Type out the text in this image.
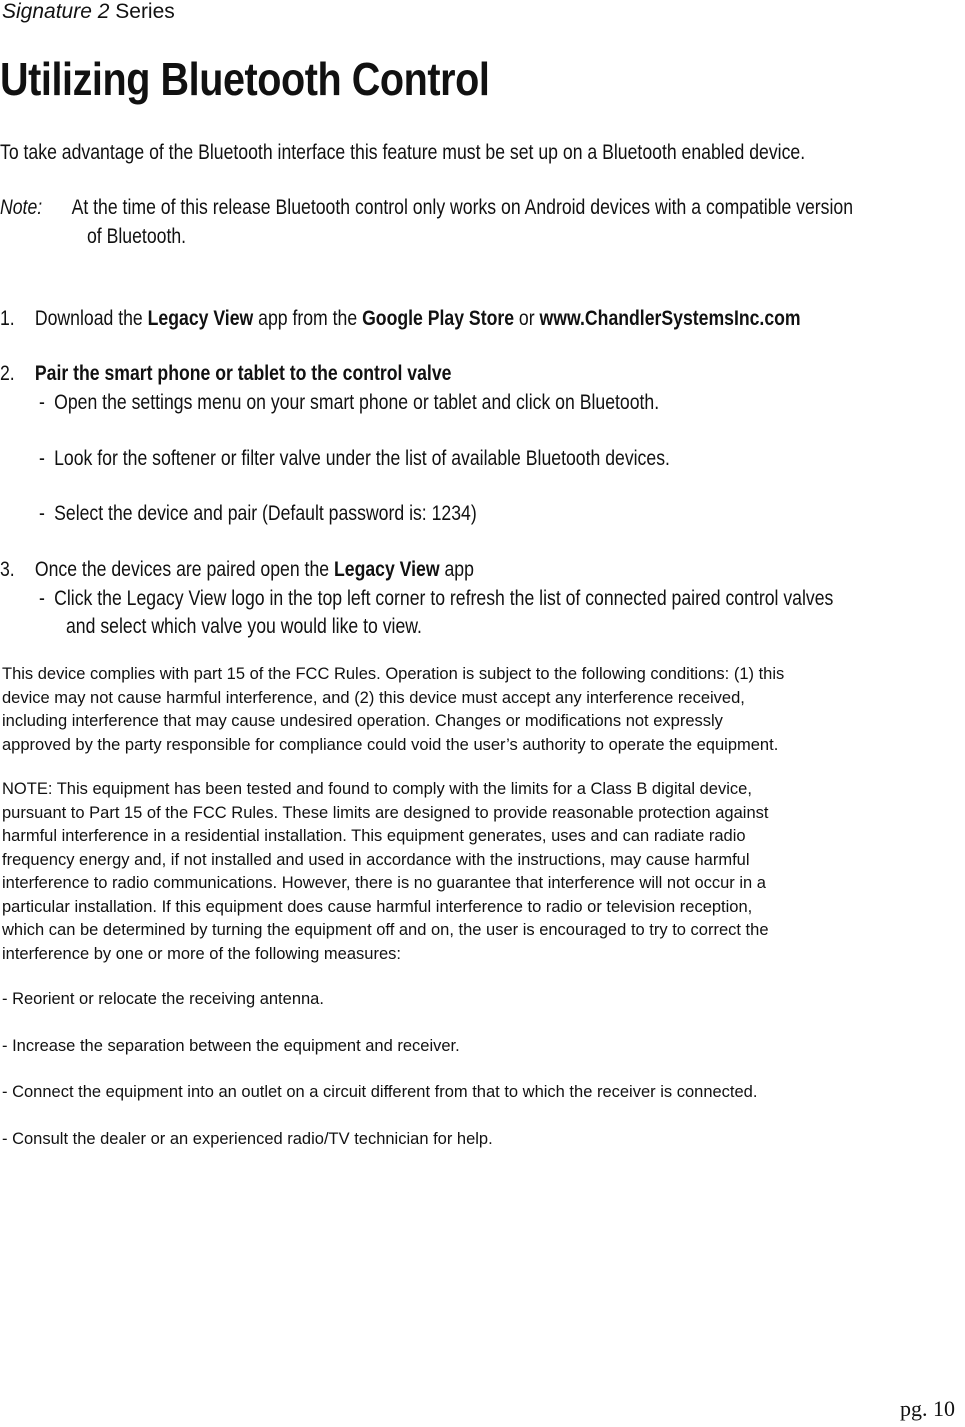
Signature 2 Series
Utilizing Bluetooth Control
To take advantage of the Bluetooth interface this feature must be set up on a Bluetooth enabled device.
Note: At the time of this release Bluetooth control only works on Android devices with a compatible version
of Bluetooth.
1. Download the Legacy View app from the Google Play Store or www.ChandlerSystemsInc.com
2. Pair the smart phone or tablet to the control valve
- Open the settings menu on your smart phone or tablet and click on Bluetooth.
- Look for the softener or filter valve under the list of available Bluetooth devices.
- Select the device and pair (Default password is: 1234)
3. Once the devices are paired open the Legacy View app
- Click the Legacy View logo in the top left corner to refresh the list of connected paired control valves
and select which valve you would like to view.
This device complies with part 15 of the FCC Rules. Operation is subject to the following conditions: (1) this
device may not cause harmful interference, and (2) this device must accept any interference received,
including interference that may cause undesired operation. Changes or modifications not expressly
approved by the party responsible for compliance could void the user’s authority to operate the equipment.
NOTE: This equipment has been tested and found to comply with the limits for a Class B digital device,
pursuant to Part 15 of the FCC Rules. These limits are designed to provide reasonable protection against
harmful interference in a residential installation. This equipment generates, uses and can radiate radio
frequency energy and, if not installed and used in accordance with the instructions, may cause harmful
interference to radio communications. However, there is no guarantee that interference will not occur in a
particular installation. If this equipment does cause harmful interference to radio or television reception,
which can be determined by turning the equipment off and on, the user is encouraged to try to correct the
interference by one or more of the following measures:
- Reorient or relocate the receiving antenna.
- Increase the separation between the equipment and receiver.
- Connect the equipment into an outlet on a circuit different from that to which the receiver is connected.
- Consult the dealer or an experienced radio/TV technician for help.
pg. 10
